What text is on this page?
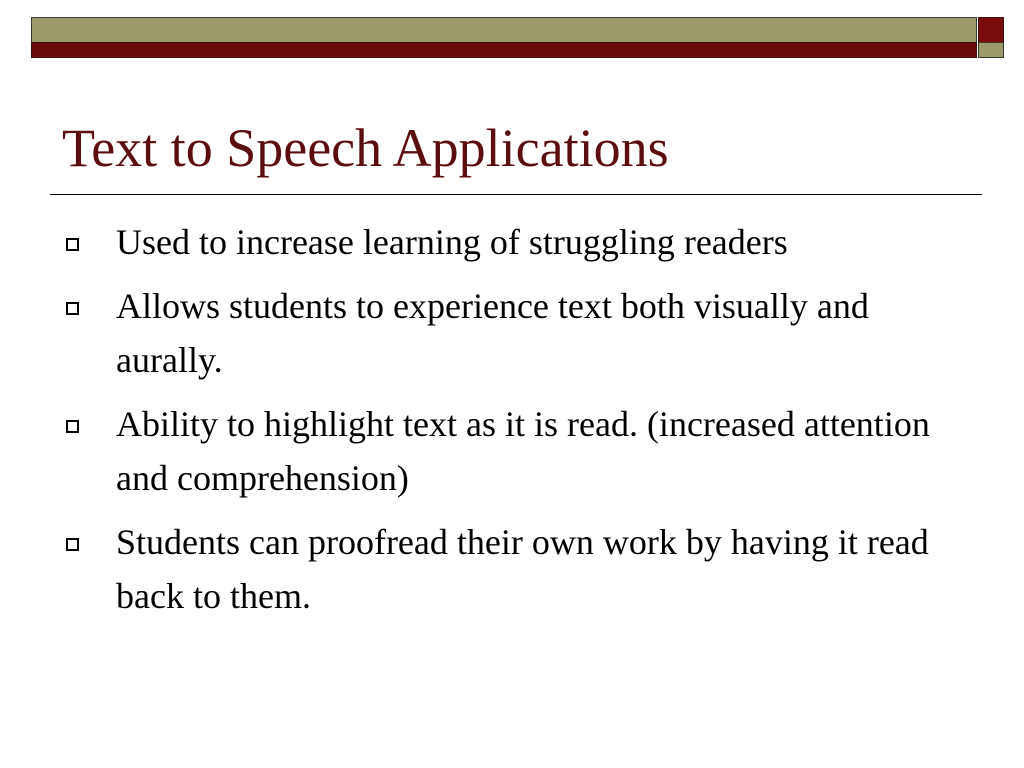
Text to Speech Applications
Used to increase learning of struggling readers
Allows students to experience text both visually and aurally.
Ability to highlight text as it is read. (increased attention and comprehension)
Students can proofread their own work by having it read back to them.
